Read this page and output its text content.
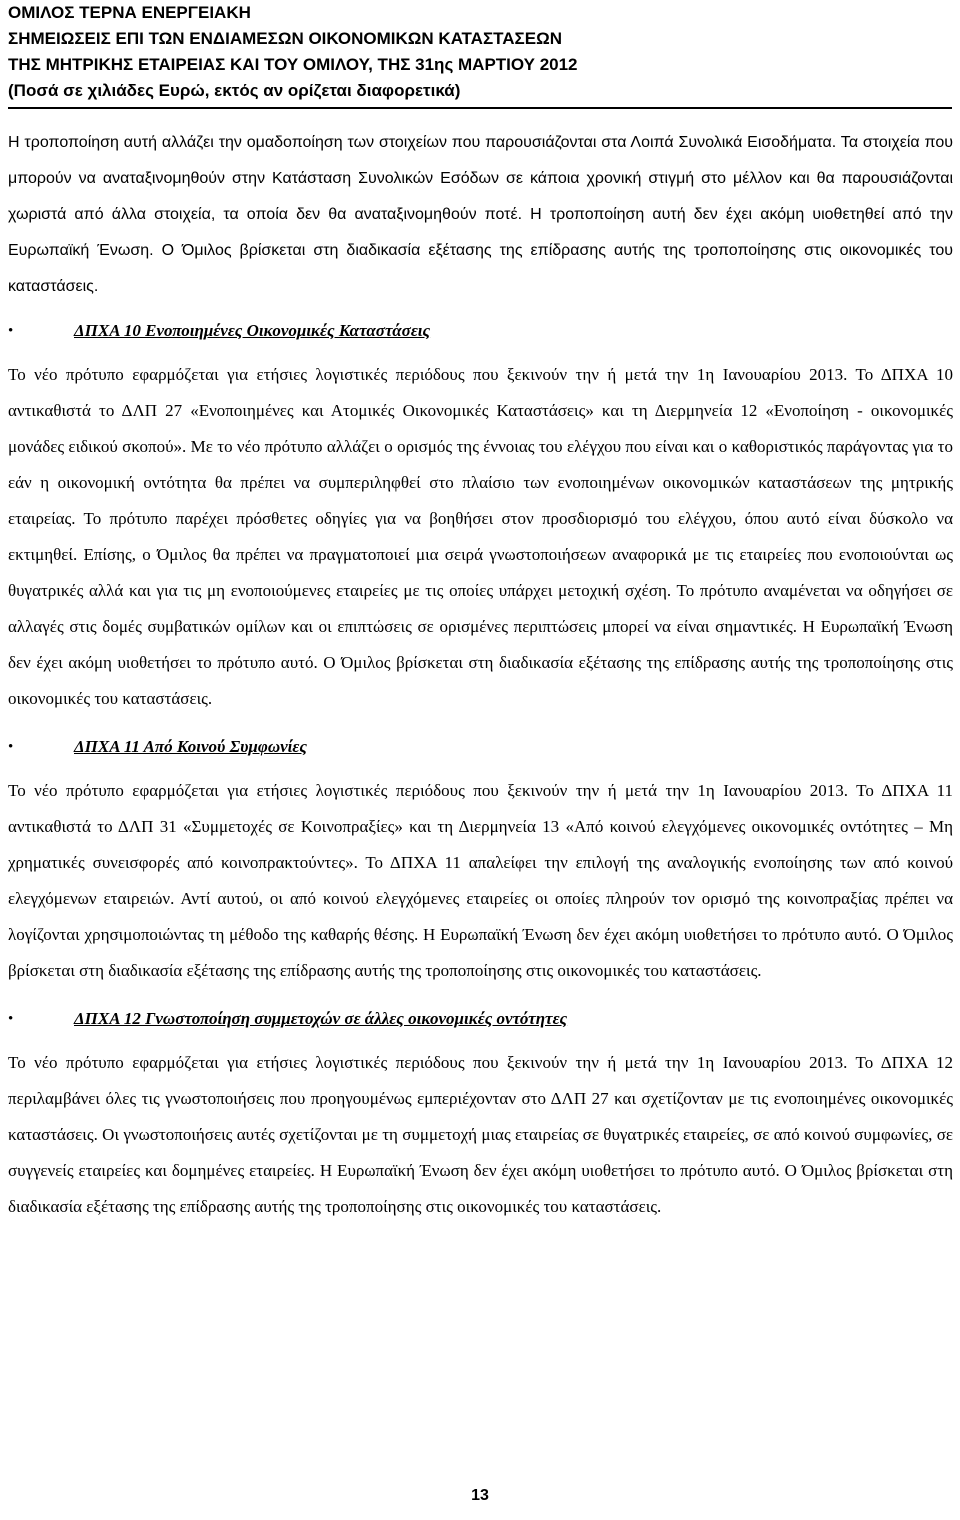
ΟΜΙΛΟΣ ΤΕΡΝΑ ΕΝΕΡΓΕΙΑΚΗ
ΣΗΜΕΙΩΣΕΙΣ ΕΠΙ ΤΩΝ ΕΝΔΙΑΜΕΣΩΝ ΟΙΚΟΝΟΜΙΚΩΝ ΚΑΤΑΣΤΑΣΕΩΝ
ΤΗΣ ΜΗΤΡΙΚΗΣ ΕΤΑΙΡΕΙΑΣ ΚΑΙ ΤΟΥ ΟΜΙΛΟΥ, ΤΗΣ 31ης ΜΑΡΤΙΟΥ 2012
(Ποσά σε χιλιάδες Ευρώ, εκτός αν ορίζεται διαφορετικά)

Η τροποποίηση αυτή αλλάζει την ομαδοποίηση των στοιχείων που παρουσιάζονται στα Λοιπά Συνολικά Εισοδήματα. Τα στοιχεία που μπορούν να αναταξινομηθούν στην Κατάσταση Συνολικών Εσόδων σε κάποια χρονική στιγμή στο μέλλον και θα παρουσιάζονται χωριστά από άλλα στοιχεία, τα οποία δεν θα αναταξινομηθούν ποτέ. Η τροποποίηση αυτή δεν έχει ακόμη υιοθετηθεί από την Ευρωπαϊκή Ένωση. Ο Όμιλος βρίσκεται στη διαδικασία εξέτασης της επίδρασης αυτής της τροποποίησης στις οικονομικές του καταστάσεις.

•	ΔΠΧΑ 10 Ενοποιημένες Οικονομικές Καταστάσεις

Το νέο πρότυπο εφαρμόζεται για ετήσιες λογιστικές περιόδους που ξεκινούν την ή μετά την 1η Ιανουαρίου 2013. Το ΔΠΧΑ 10 αντικαθιστά το ΔΛΠ 27 «Ενοποιημένες και Ατομικές Οικονομικές Καταστάσεις» και τη Διερμηνεία 12 «Ενοποίηση - οικονομικές μονάδες ειδικού σκοπού». Με το νέο πρότυπο αλλάζει ο ορισμός της έννοιας του ελέγχου που είναι και ο καθοριστικός παράγοντας για το εάν η οικονομική οντότητα θα πρέπει να συμπεριληφθεί στο πλαίσιο των ενοποιημένων οικονομικών καταστάσεων της μητρικής εταιρείας. Το πρότυπο παρέχει πρόσθετες οδηγίες για να βοηθήσει στον προσδιορισμό του ελέγχου, όπου αυτό είναι δύσκολο να εκτιμηθεί. Επίσης, ο Όμιλος θα πρέπει να πραγματοποιεί μια σειρά γνωστοποιήσεων αναφορικά με τις εταιρείες που ενοποιούνται ως θυγατρικές αλλά και για τις μη ενοποιούμενες εταιρείες με τις οποίες υπάρχει μετοχική σχέση. Το πρότυπο αναμένεται να οδηγήσει σε αλλαγές στις δομές συμβατικών ομίλων και οι επιπτώσεις σε ορισμένες περιπτώσεις μπορεί να είναι σημαντικές. Η Ευρωπαϊκή Ένωση δεν έχει ακόμη υιοθετήσει το πρότυπο αυτό. Ο Όμιλος βρίσκεται στη διαδικασία εξέτασης της επίδρασης αυτής της τροποποίησης στις οικονομικές του καταστάσεις.

•	ΔΠΧΑ 11 Από Κοινού Συμφωνίες

Το νέο πρότυπο εφαρμόζεται για ετήσιες λογιστικές περιόδους που ξεκινούν την ή μετά την 1η Ιανουαρίου 2013. Το ΔΠΧΑ 11 αντικαθιστά το ΔΛΠ 31 «Συμμετοχές σε Κοινοπραξίες» και τη Διερμηνεία 13 «Από κοινού ελεγχόμενες οικονομικές οντότητες – Μη χρηματικές συνεισφορές από κοινοπρακτούντες». Το ΔΠΧΑ 11 απαλείφει την επιλογή της αναλογικής ενοποίησης των από κοινού ελεγχόμενων εταιρειών. Αντί αυτού, οι από κοινού ελεγχόμενες εταιρείες οι οποίες πληρούν τον ορισμό της κοινοπραξίας πρέπει να λογίζονται χρησιμοποιώντας τη μέθοδο της καθαρής θέσης. Η Ευρωπαϊκή Ένωση δεν έχει ακόμη υιοθετήσει το πρότυπο αυτό. Ο Όμιλος βρίσκεται στη διαδικασία εξέτασης της επίδρασης αυτής της τροποποίησης στις οικονομικές του καταστάσεις.

•	ΔΠΧΑ 12 Γνωστοποίηση συμμετοχών σε άλλες οικονομικές οντότητες

Το νέο πρότυπο εφαρμόζεται για ετήσιες λογιστικές περιόδους που ξεκινούν την ή μετά την 1η Ιανουαρίου 2013. Το ΔΠΧΑ 12 περιλαμβάνει όλες τις γνωστοποιήσεις που προηγουμένως εμπεριέχονταν στο ΔΛΠ 27 και σχετίζονταν με τις ενοποιημένες οικονομικές καταστάσεις. Οι γνωστοποιήσεις αυτές σχετίζονται με τη συμμετοχή μιας εταιρείας σε θυγατρικές εταιρείες, σε από κοινού συμφωνίες, σε συγγενείς εταιρείες και δομημένες εταιρείες. Η Ευρωπαϊκή Ένωση δεν έχει ακόμη υιοθετήσει το πρότυπο αυτό. Ο Όμιλος βρίσκεται στη διαδικασία εξέτασης της επίδρασης αυτής της τροποποίησης στις οικονομικές του καταστάσεις.

13
